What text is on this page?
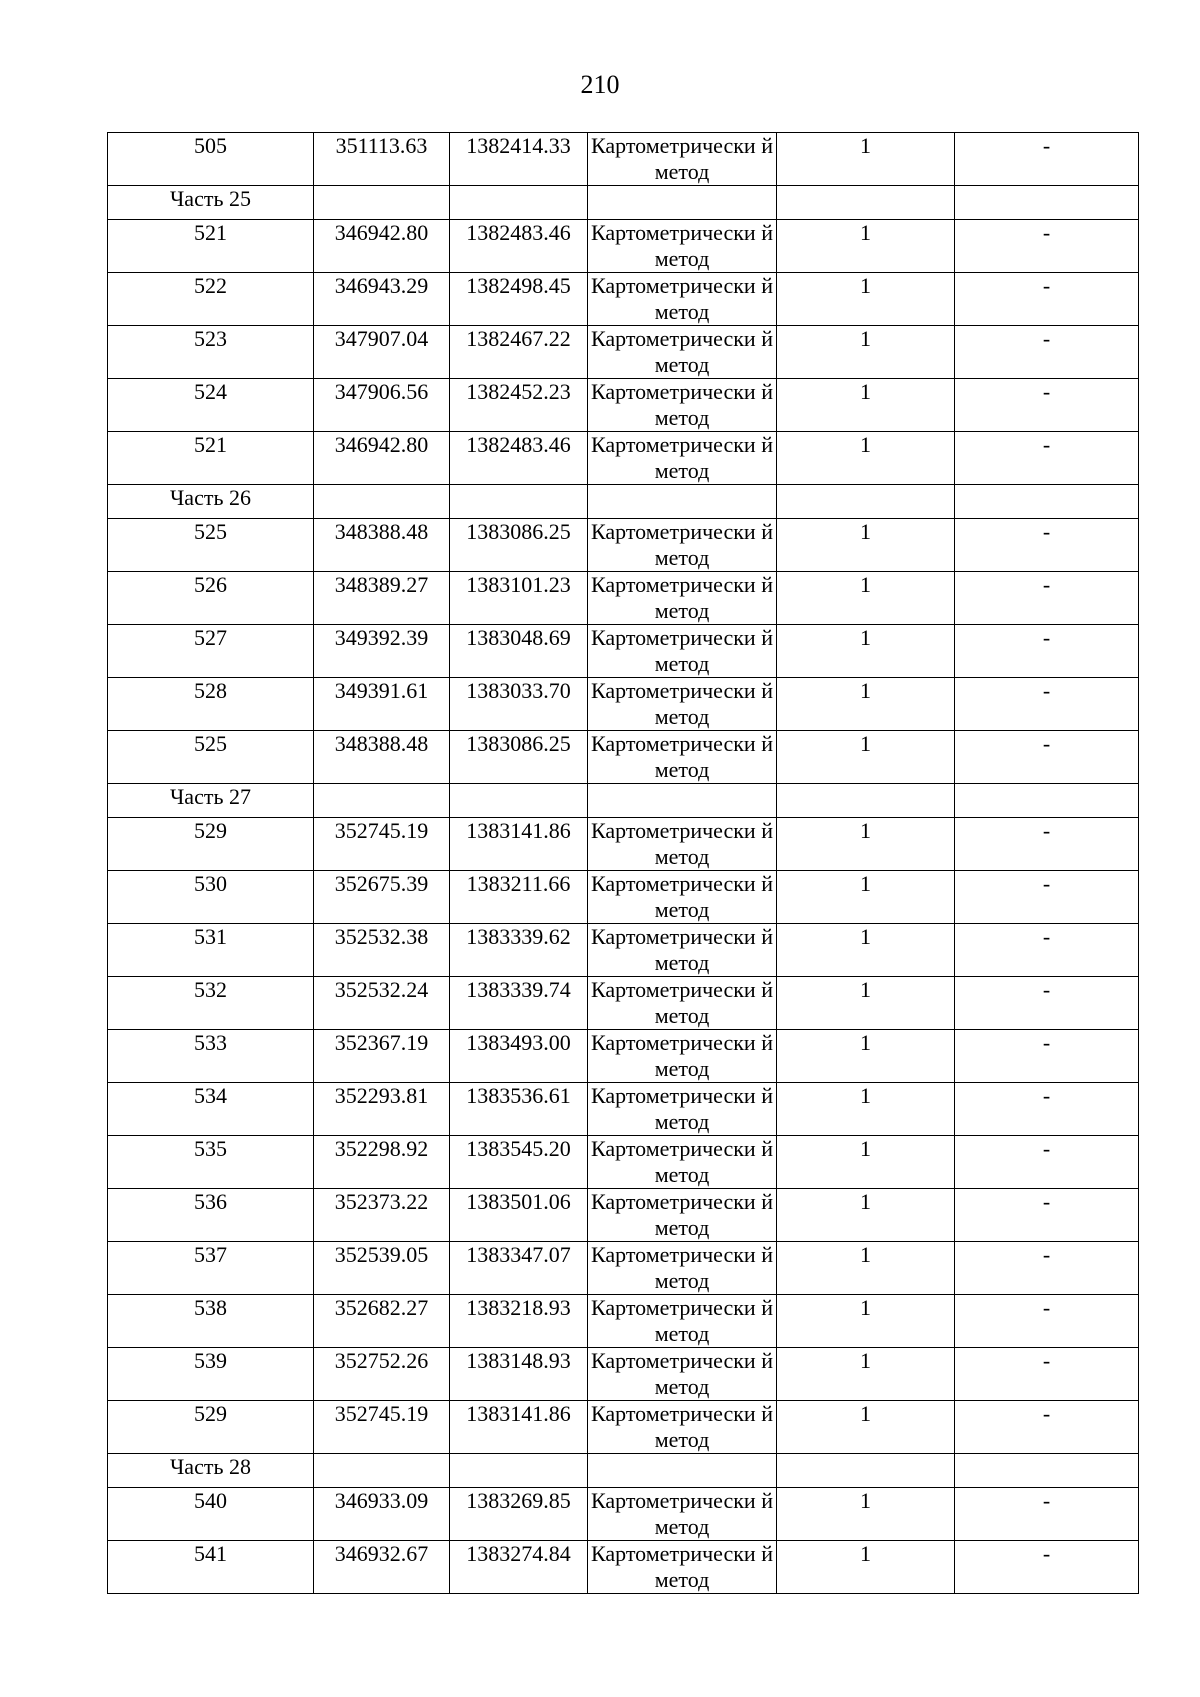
210
505	351113.63	1382414.33	Картометрически й метод	1	-
Часть 25					
521	346942.80	1382483.46	Картометрически й метод	1	-
522	346943.29	1382498.45	Картометрически й метод	1	-
523	347907.04	1382467.22	Картометрически й метод	1	-
524	347906.56	1382452.23	Картометрически й метод	1	-
521	346942.80	1382483.46	Картометрически й метод	1	-
Часть 26					
525	348388.48	1383086.25	Картометрически й метод	1	-
526	348389.27	1383101.23	Картометрически й метод	1	-
527	349392.39	1383048.69	Картометрически й метод	1	-
528	349391.61	1383033.70	Картометрически й метод	1	-
525	348388.48	1383086.25	Картометрически й метод	1	-
Часть 27					
529	352745.19	1383141.86	Картометрически й метод	1	-
530	352675.39	1383211.66	Картометрически й метод	1	-
531	352532.38	1383339.62	Картометрически й метод	1	-
532	352532.24	1383339.74	Картометрически й метод	1	-
533	352367.19	1383493.00	Картометрически й метод	1	-
534	352293.81	1383536.61	Картометрически й метод	1	-
535	352298.92	1383545.20	Картометрически й метод	1	-
536	352373.22	1383501.06	Картометрически й метод	1	-
537	352539.05	1383347.07	Картометрически й метод	1	-
538	352682.27	1383218.93	Картометрически й метод	1	-
539	352752.26	1383148.93	Картометрически й метод	1	-
529	352745.19	1383141.86	Картометрически й метод	1	-
Часть 28					
540	346933.09	1383269.85	Картометрически й метод	1	-
541	346932.67	1383274.84	Картометрически й метод	1	-
